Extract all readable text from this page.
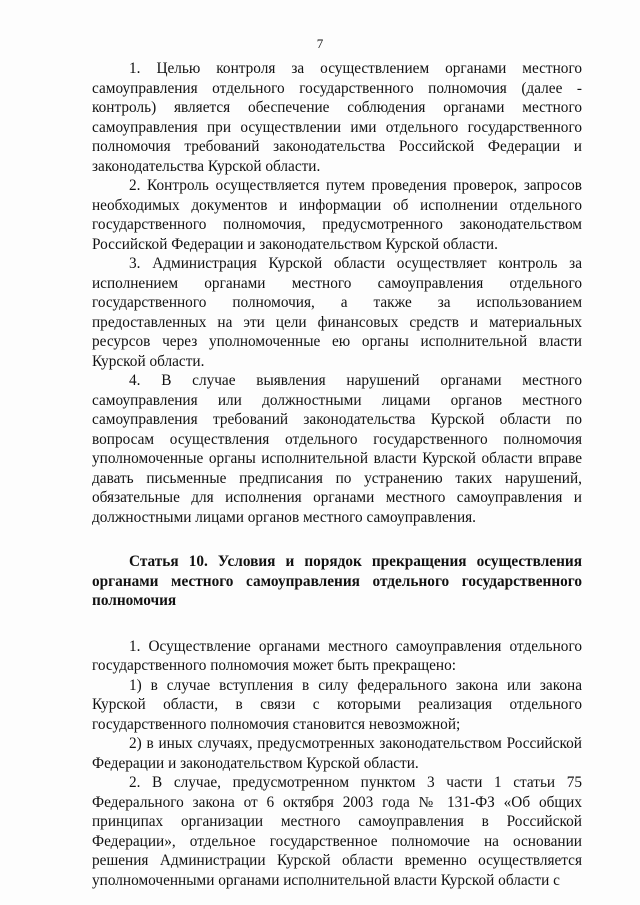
7

1. Целью контроля за осуществлением органами местного самоуправления отдельного государственного полномочия (далее - контроль) является обеспечение соблюдения органами местного самоуправления при осуществлении ими отдельного государственного полномочия требований законодательства Российской Федерации и законодательства Курской области.

2. Контроль осуществляется путем проведения проверок, запросов необходимых документов и информации об исполнении отдельного государственного полномочия, предусмотренного законодательством Российской Федерации и законодательством Курской области.

3. Администрация Курской области осуществляет контроль за исполнением органами местного самоуправления отдельного государственного полномочия, а также за использованием предоставленных на эти цели финансовых средств и материальных ресурсов через уполномоченные ею органы исполнительной власти Курской области.

4. В случае выявления нарушений органами местного самоуправления или должностными лицами органов местного самоуправления требований законодательства Курской области по вопросам осуществления отдельного государственного полномочия уполномоченные органы исполнительной власти Курской области вправе давать письменные предписания по устранению таких нарушений, обязательные для исполнения органами местного самоуправления и должностными лицами органов местного самоуправления.

Статья 10. Условия и порядок прекращения осуществления органами местного самоуправления отдельного государственного полномочия

1. Осуществление органами местного самоуправления отдельного государственного полномочия может быть прекращено:

1) в случае вступления в силу федерального закона или закона Курской области, в связи с которыми реализация отдельного государственного полномочия становится невозможной;

2) в иных случаях, предусмотренных законодательством Российской Федерации и законодательством Курской области.

2. В случае, предусмотренном пунктом 3 части 1 статьи 75 Федерального закона от 6 октября 2003 года № 131-ФЗ «Об общих принципах организации местного самоуправления в Российской Федерации», отдельное государственное полномочие на основании решения Администрации Курской области временно осуществляется уполномоченными органами исполнительной власти Курской области с
